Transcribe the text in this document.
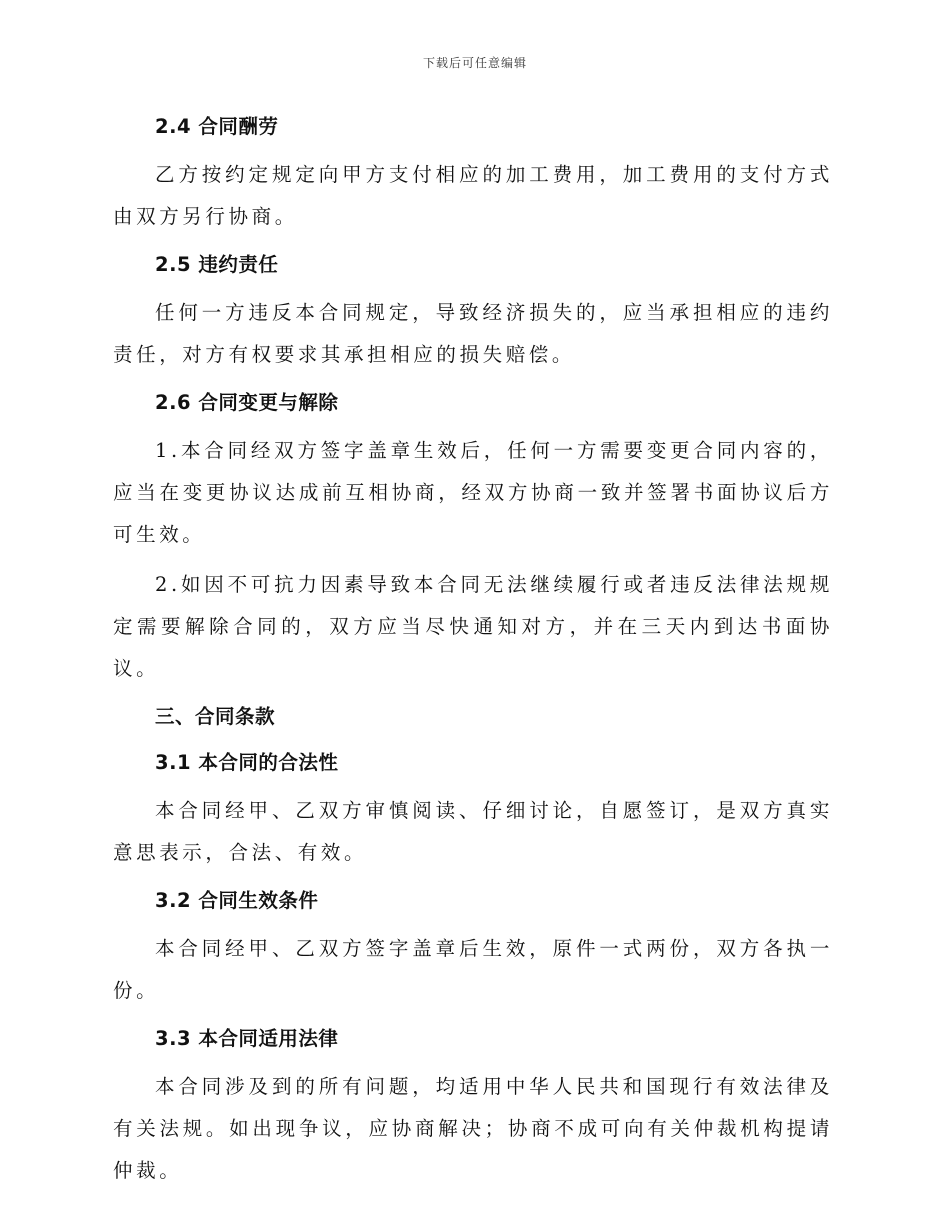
下载后可任意编辑
2.4 合同酬劳

乙方按约定规定向甲方支付相应的加工费用，加工费用的支付方式由双方另行协商。

2.5 违约责任

任何一方违反本合同规定，导致经济损失的，应当承担相应的违约责任，对方有权要求其承担相应的损失赔偿。

2.6 合同变更与解除

1.本合同经双方签字盖章生效后，任何一方需要变更合同内容的，应当在变更协议达成前互相协商，经双方协商一致并签署书面协议后方可生效。

2.如因不可抗力因素导致本合同无法继续履行或者违反法律法规规定需要解除合同的，双方应当尽快通知对方，并在三天内到达书面协议。

三、合同条款
3.1 本合同的合法性

本合同经甲、乙双方审慎阅读、仔细讨论，自愿签订，是双方真实意思表示，合法、有效。

3.2 合同生效条件

本合同经甲、乙双方签字盖章后生效，原件一式两份，双方各执一份。

3.3 本合同适用法律

本合同涉及到的所有问题，均适用中华人民共和国现行有效法律及有关法规。如出现争议，应协商解决；协商不成可向有关仲裁机构提请仲裁。
